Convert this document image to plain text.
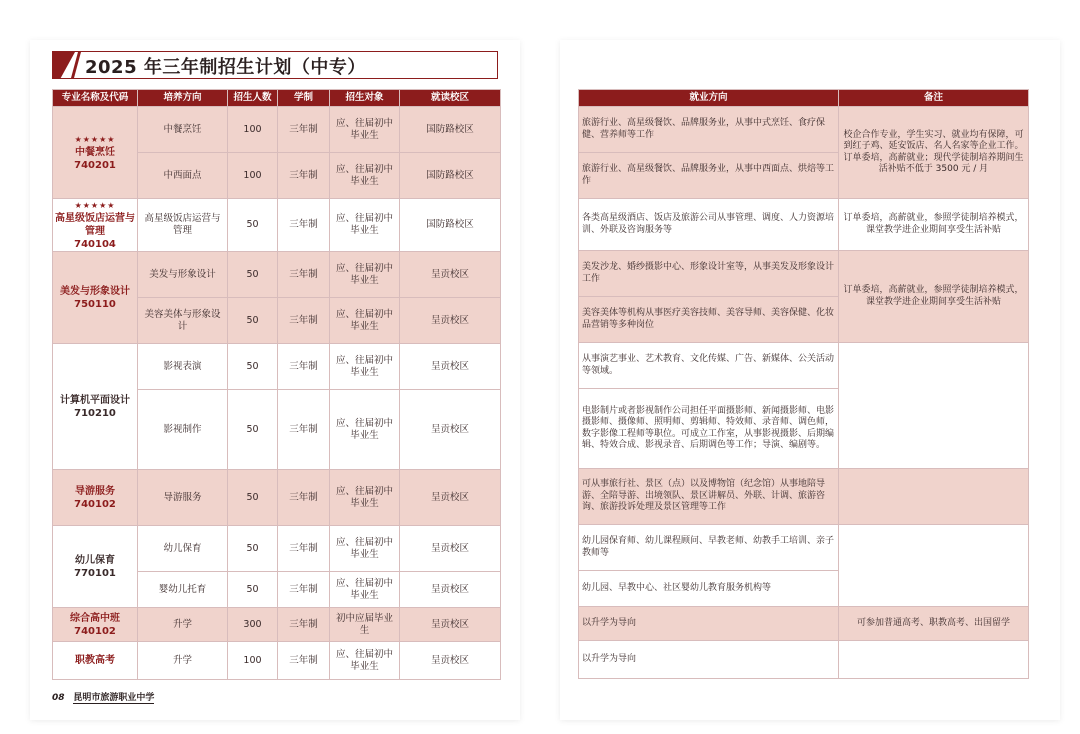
2025 年三年制招生计划（中专）
专业名称及代码	培养方向	招生人数	学制	招生对象	就读校区

★★★★★
中餐烹饪
740201	中餐烹饪	100	三年制	应、往届初中毕业生	国防路校区
	中西面点	100	三年制	应、往届初中毕业生	国防路校区

★★★★★
高星级饭店运营与管理
740104	高星级饭店运营与管理	50	三年制	应、往届初中毕业生	国防路校区
美发与形象设计
750110	美发与形象设计	50	三年制	应、往届初中毕业生	呈贡校区
	美容美体与形象设计	50	三年制	应、往届初中毕业生	呈贡校区
计算机平面设计
710210	影视表演	50	三年制	应、往届初中毕业生	呈贡校区
	影视制作	50	三年制	应、往届初中毕业生	呈贡校区
导游服务
740102	导游服务	50	三年制	应、往届初中毕业生	呈贡校区
幼儿保育
770101	幼儿保育	50	三年制	应、往届初中毕业生	呈贡校区
	婴幼儿托育	50	三年制	应、往届初中毕业生	呈贡校区
综合高中班
740102	升学	300	三年制	初中应届毕业生	呈贡校区
职教高考	升学	100	三年制	应、往届初中毕业生	呈贡校区
就业方向	备注
旅游行业、高星级餐饮、品牌服务业，从事中式烹饪、食疗保健、营养师等工作	校企合作专业，学生实习、就业均有保障，可到红子鸡、延安饭店、名人名家等企业工作。订单委培，高薪就业；现代学徒制培养期间生活补贴不低于 3500 元 / 月
旅游行业、高星级餐饮、品牌服务业，从事中西面点、烘焙等工作	
各类高星级酒店、饭店及旅游公司从事管理、调度、人力资源培训、外联及咨询服务等	订单委培，高薪就业，参照学徒制培养模式，课堂教学进企业期间享受生活补贴
美发沙龙、婚纱摄影中心、形象设计室等，从事美发及形象设计工作	订单委培，高薪就业，参照学徒制培养模式，课堂教学进企业期间享受生活补贴
美容美体等机构从事医疗美容技师、美容导师、美容保健、化妆品营销等多种岗位	
从事演艺事业、艺术教育、文化传媒、广告、新媒体、公关活动等领域。	
电影制片或者影视制作公司担任平面摄影师、新闻摄影师、电影摄影师、摄像师、照明师、剪辑师、特效师、录音师、调色师，数字影像工程师等职位。可成立工作室，从事影视摄影、后期编辑、特效合成、影视录音、后期调色等工作；导演、编剧等。	
可从事旅行社、景区（点）以及博物馆（纪念馆）从事地陪导游、全陪导游、出境领队、景区讲解员、外联、计调、旅游咨询、旅游投诉处理及景区管理等工作	
幼儿园保育师、幼儿课程顾问、早教老师、幼教手工培训、亲子教师等	
幼儿园、早教中心、社区婴幼儿教育服务机构等	
以升学为导向	可参加普通高考、职教高考、出国留学
以升学为导向	
08 昆明市旅游职业中学
